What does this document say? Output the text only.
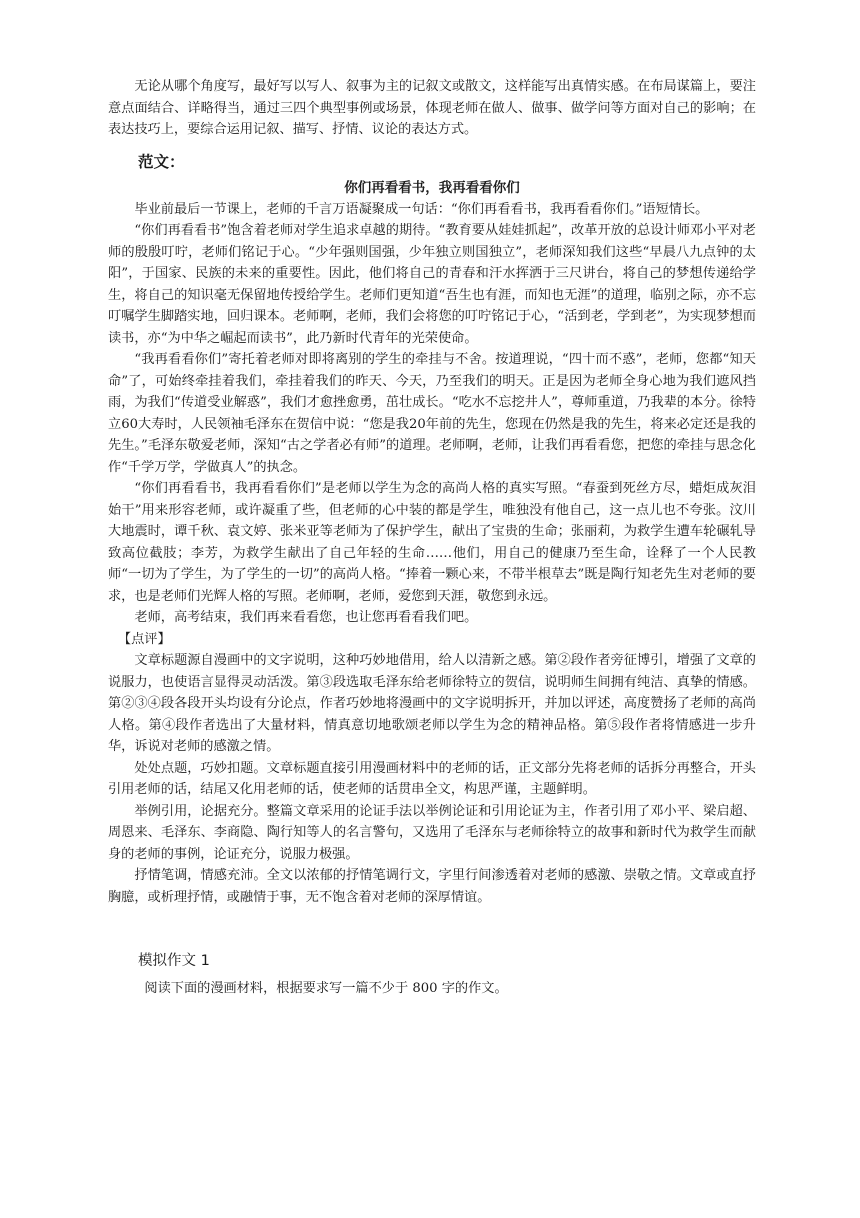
无论从哪个角度写，最好写以写人、叙事为主的记叙文或散文，这样能写出真情实感。在布局谋篇上，要注意点面结合、详略得当，通过三四个典型事例或场景，体现老师在做人、做事、做学问等方面对自己的影响；在表达技巧上，要综合运用记叙、描写、抒情、议论的表达方式。

范文：
你们再看看书，我再看看你们

毕业前最后一节课上，老师的千言万语凝聚成一句话：“你们再看看书，我再看看你们。”语短情长。

“你们再看看书”饱含着老师对学生追求卓越的期待。“教育要从娃娃抓起”，改革开放的总设计师邓小平对老师的殷殷叮咛，老师们铭记于心。“少年强则国强，少年独立则国独立”，老师深知我们这些“早晨八九点钟的太阳”，于国家、民族的未来的重要性。因此，他们将自己的青春和汗水挥洒于三尺讲台，将自己的梦想传递给学生，将自己的知识毫无保留地传授给学生。老师们更知道“吾生也有涯，而知也无涯”的道理，临别之际，亦不忘叮嘱学生脚踏实地，回归课本。老师啊，老师，我们会将您的叮咛铭记于心，“活到老，学到老”，为实现梦想而读书，亦“为中华之崛起而读书”，此乃新时代青年的光荣使命。

“我再看看你们”寄托着老师对即将离别的学生的牵挂与不舍。按道理说，“四十而不惑”，老师，您都“知天命”了，可始终牵挂着我们，牵挂着我们的昨天、今天，乃至我们的明天。正是因为老师全身心地为我们遮风挡雨，为我们“传道受业解惑”，我们才愈挫愈勇，茁壮成长。“吃水不忘挖井人”，尊师重道，乃我辈的本分。徐特立60大寿时，人民领袖毛泽东在贺信中说：“您是我20年前的先生，您现在仍然是我的先生，将来必定还是我的先生。”毛泽东敬爱老师，深知“古之学者必有师”的道理。老师啊，老师，让我们再看看您，把您的牵挂与思念化作“千学万学，学做真人”的执念。

“你们再看看书，我再看看你们”是老师以学生为念的高尚人格的真实写照。“春蚕到死丝方尽，蜡炬成灰泪始干”用来形容老师，或许凝重了些，但老师的心中装的都是学生，唯独没有他自己，这一点儿也不夸张。汶川大地震时，谭千秋、袁文婷、张米亚等老师为了保护学生，献出了宝贵的生命；张丽莉，为救学生遭车轮碾轧导致高位截肢；李芳，为救学生献出了自己年轻的生命……他们，用自己的健康乃至生命，诠释了一个人民教师“一切为了学生，为了学生的一切”的高尚人格。“捧着一颗心来，不带半根草去”既是陶行知老先生对老师的要求，也是老师们光辉人格的写照。老师啊，老师，爱您到天涯，敬您到永远。

老师，高考结束，我们再来看看您，也让您再看看我们吧。

【点评】

文章标题源自漫画中的文字说明，这种巧妙地借用，给人以清新之感。第②段作者旁征博引，增强了文章的说服力，也使语言显得灵动活泼。第③段选取毛泽东给老师徐特立的贺信，说明师生间拥有纯洁、真挚的情感。第②③④段各段开头均设有分论点，作者巧妙地将漫画中的文字说明拆开，并加以评述，高度赞扬了老师的高尚人格。第④段作者选出了大量材料，情真意切地歌颂老师以学生为念的精神品格。第⑤段作者将情感进一步升华，诉说对老师的感激之情。

处处点题，巧妙扣题。文章标题直接引用漫画材料中的老师的话，正文部分先将老师的话拆分再整合，开头引用老师的话，结尾又化用老师的话，使老师的话贯串全文，构思严谨，主题鲜明。

举例引用，论据充分。整篇文章采用的论证手法以举例论证和引用论证为主，作者引用了邓小平、梁启超、周恩来、毛泽东、李商隐、陶行知等人的名言警句，又选用了毛泽东与老师徐特立的故事和新时代为救学生而献身的老师的事例，论证充分，说服力极强。

抒情笔调，情感充沛。全文以浓郁的抒情笔调行文，字里行间渗透着对老师的感激、崇敬之情。文章或直抒胸臆，或析理抒情，或融情于事，无不饱含着对老师的深厚情谊。

模拟作文 1

阅读下面的漫画材料，根据要求写一篇不少于 800 字的作文。
